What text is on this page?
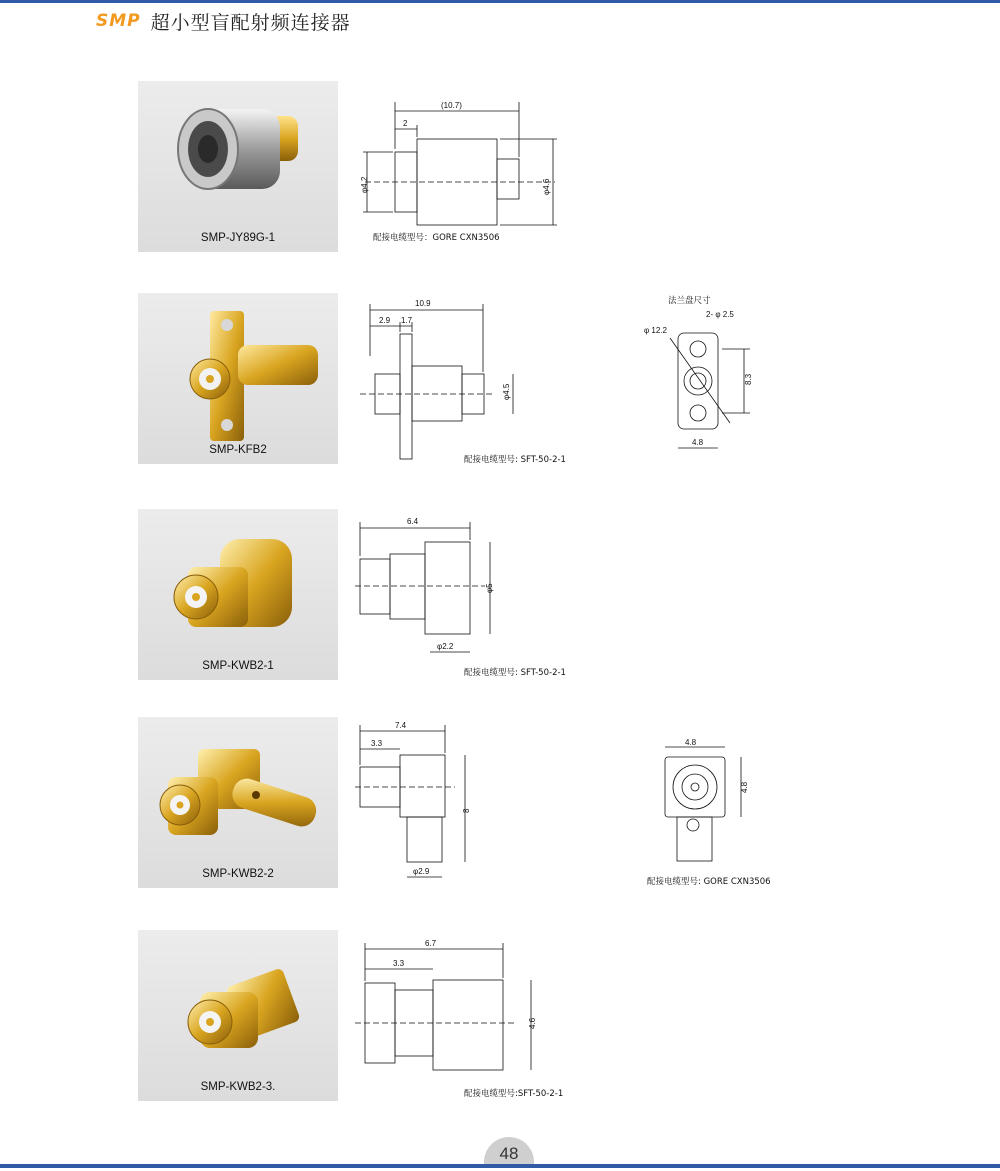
SMP 超小型盲配射频连接器
SMP-JY89G-1
(10.7)
2
φ4.2	φ4.6
配接电缆型号：GORE CXN3506
SMP-KFB2
10.9
2.9 1.7
φ4.5
配接电缆型号: SFT-50-2-1
法兰盘尺寸
2- φ 2.5
φ 12.2
8.3
4.8
SMP-KWB2-1
6.4
φ5
φ2.2
配接电缆型号: SFT-50-2-1
SMP-KWB2-2
7.4
3.3
8
φ2.9
4.8
4.8
配接电缆型号: GORE CXN3506
SMP-KWB2-3.
6.7
3.3
4.6
配接电缆型号:SFT-50-2-1
48
